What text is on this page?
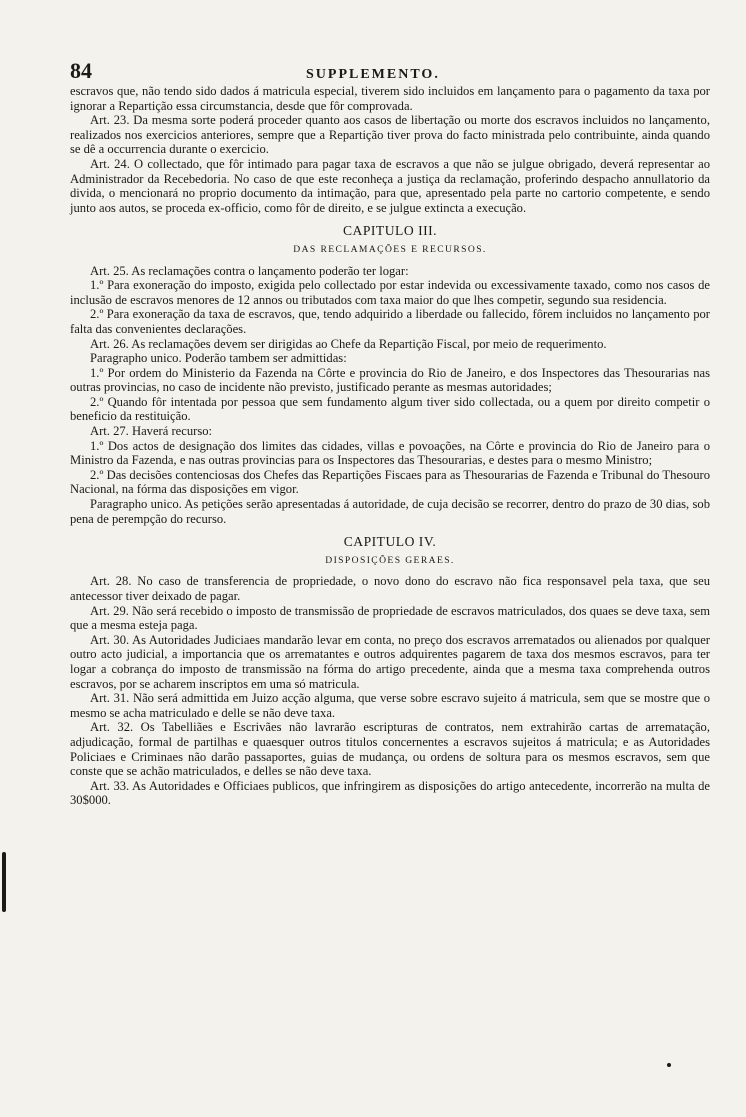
84	SUPPLEMENTO.

escravos que, não tendo sido dados á matricula especial, tiverem sido incluidos em lançamento para o pagamento da taxa por ignorar a Repartição essa circumstancia, desde que fôr comprovada.

Art. 23. Da mesma sorte poderá proceder quanto aos casos de libertação ou morte dos escravos incluidos no lançamento, realizados nos exercicios anteriores, sempre que a Repartição tiver prova do facto ministrada pelo contribuinte, ainda quando se dê a occurrencia durante o exercicio.

Art. 24. O collectado, que fôr intimado para pagar taxa de escravos a que não se julgue obrigado, deverá representar ao Administrador da Recebedoria. No caso de que este reconheça a justiça da reclamação, proferindo despacho annullatorio da divida, o mencionará no proprio documento da intimação, para que, apresentado pela parte no cartorio competente, e sendo junto aos autos, se proceda ex-officio, como fôr de direito, e se julgue extincta a execução.

CAPITULO III.
DAS RECLAMAÇÕES E RECURSOS.

Art. 25. As reclamações contra o lançamento poderão ter logar:

1.º Para exoneração do imposto, exigida pelo collectado por estar indevida ou excessivamente taxado, como nos casos de inclusão de escravos menores de 12 annos ou tributados com taxa maior do que lhes competir, segundo sua residencia.

2.º Para exoneração da taxa de escravos, que, tendo adquirido a liberdade ou fallecido, fôrem incluidos no lançamento por falta das convenientes declarações.

Art. 26. As reclamações devem ser dirigidas ao Chefe da Repartição Fiscal, por meio de requerimento.

Paragrapho unico. Poderão tambem ser admittidas:

1.º Por ordem do Ministerio da Fazenda na Côrte e provincia do Rio de Janeiro, e dos Inspectores das Thesourarias nas outras provincias, no caso de incidente não previsto, justificado perante as mesmas autoridades;

2.º Quando fôr intentada por pessoa que sem fundamento algum tiver sido collectada, ou a quem por direito competir o beneficio da restituição.

Art. 27. Haverá recurso:

1.º Dos actos de designação dos limites das cidades, villas e povoações, na Côrte e provincia do Rio de Janeiro para o Ministro da Fazenda, e nas outras provincias para os Inspectores das Thesourarias, e destes para o mesmo Ministro;

2.º Das decisões contenciosas dos Chefes das Repartições Fiscaes para as Thesourarias de Fazenda e Tribunal do Thesouro Nacional, na fórma das disposições em vigor.

Paragrapho unico. As petições serão apresentadas á autoridade, de cuja decisão se recorrer, dentro do prazo de 30 dias, sob pena de perempção do recurso.

CAPITULO IV.
DISPOSIÇÕES GERAES.

Art. 28. No caso de transferencia de propriedade, o novo dono do escravo não fica responsavel pela taxa, que seu antecessor tiver deixado de pagar.

Art. 29. Não será recebido o imposto de transmissão de propriedade de escravos matriculados, dos quaes se deve taxa, sem que a mesma esteja paga.

Art. 30. As Autoridades Judiciaes mandarão levar em conta, no preço dos escravos arrematados ou alienados por qualquer outro acto judicial, a importancia que os arrematantes e outros adquirentes pagarem de taxa dos mesmos escravos, para ter logar a cobrança do imposto de transmissão na fórma do artigo precedente, ainda que a mesma taxa comprehenda outros escravos, por se acharem inscriptos em uma só matricula.

Art. 31. Não será admittida em Juizo acção alguma, que verse sobre escravo sujeito á matricula, sem que se mostre que o mesmo se acha matriculado e delle se não deve taxa.

Art. 32. Os Tabelliães e Escrivães não lavrarão escripturas de contratos, nem extrahirão cartas de arrematação, adjudicação, formal de partilhas e quaesquer outros titulos concernentes a escravos sujeitos á matricula; e as Autoridades Policiaes e Criminaes não darão passaportes, guias de mudança, ou ordens de soltura para os mesmos escravos, sem que conste que se achão matriculados, e delles se não deve taxa.

Art. 33. As Autoridades e Officiaes publicos, que infringirem as disposições do artigo antecedente, incorrerão na multa de 30$000.
